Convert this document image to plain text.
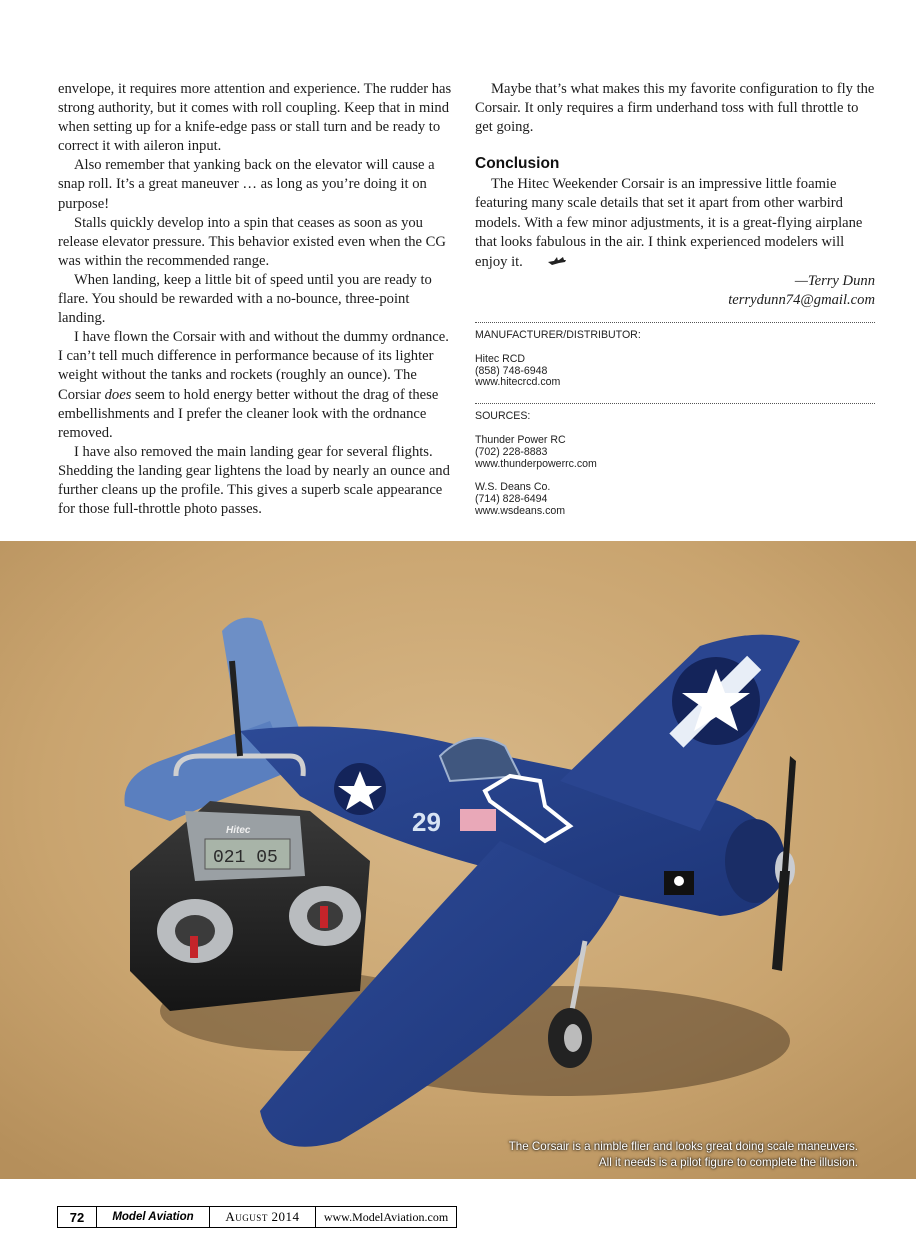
envelope, it requires more attention and experience. The rudder has strong authority, but it comes with roll coupling. Keep that in mind when setting up for a knife-edge pass or stall turn and be ready to correct it with aileron input.

Also remember that yanking back on the elevator will cause a snap roll. It’s a great maneuver … as long as you’re doing it on purpose!

Stalls quickly develop into a spin that ceases as soon as you release elevator pressure. This behavior existed even when the CG was within the recommended range.

When landing, keep a little bit of speed until you are ready to flare. You should be rewarded with a no-bounce, three-point landing.

I have flown the Corsair with and without the dummy ordnance. I can’t tell much difference in performance because of its lighter weight without the tanks and rockets (roughly an ounce). The Corsiar does seem to hold energy better without the drag of these embellishments and I prefer the cleaner look with the ordnance removed.

I have also removed the main landing gear for several flights. Shedding the landing gear lightens the load by nearly an ounce and further cleans up the profile. This gives a superb scale appearance for those full-throttle photo passes.

Maybe that’s what makes this my favorite configuration to fly the Corsair. It only requires a firm underhand toss with full throttle to get going.

Conclusion

The Hitec Weekender Corsair is an impressive little foamie featuring many scale details that set it apart from other warbird models. With a few minor adjustments, it is a great-flying airplane that looks fabulous in the air. I think experienced modelers will enjoy it.

—Terry Dunn
terrydunn74@gmail.com
MANUFACTURER/DISTRIBUTOR:
Hitec RCD
(858) 748-6948
www.hitecrcd.com
SOURCES:
Thunder Power RC
(702) 228-8883
www.thunderpowerrc.com
W.S. Deans Co.
(714) 828-6494
www.wsdeans.com
29
021 05
Hitec
The Corsair is a nimble flier and looks great doing scale maneuvers.
All it needs is a pilot figure to complete the illusion.
72	Model Aviation	August 2014	www.ModelAviation.com
